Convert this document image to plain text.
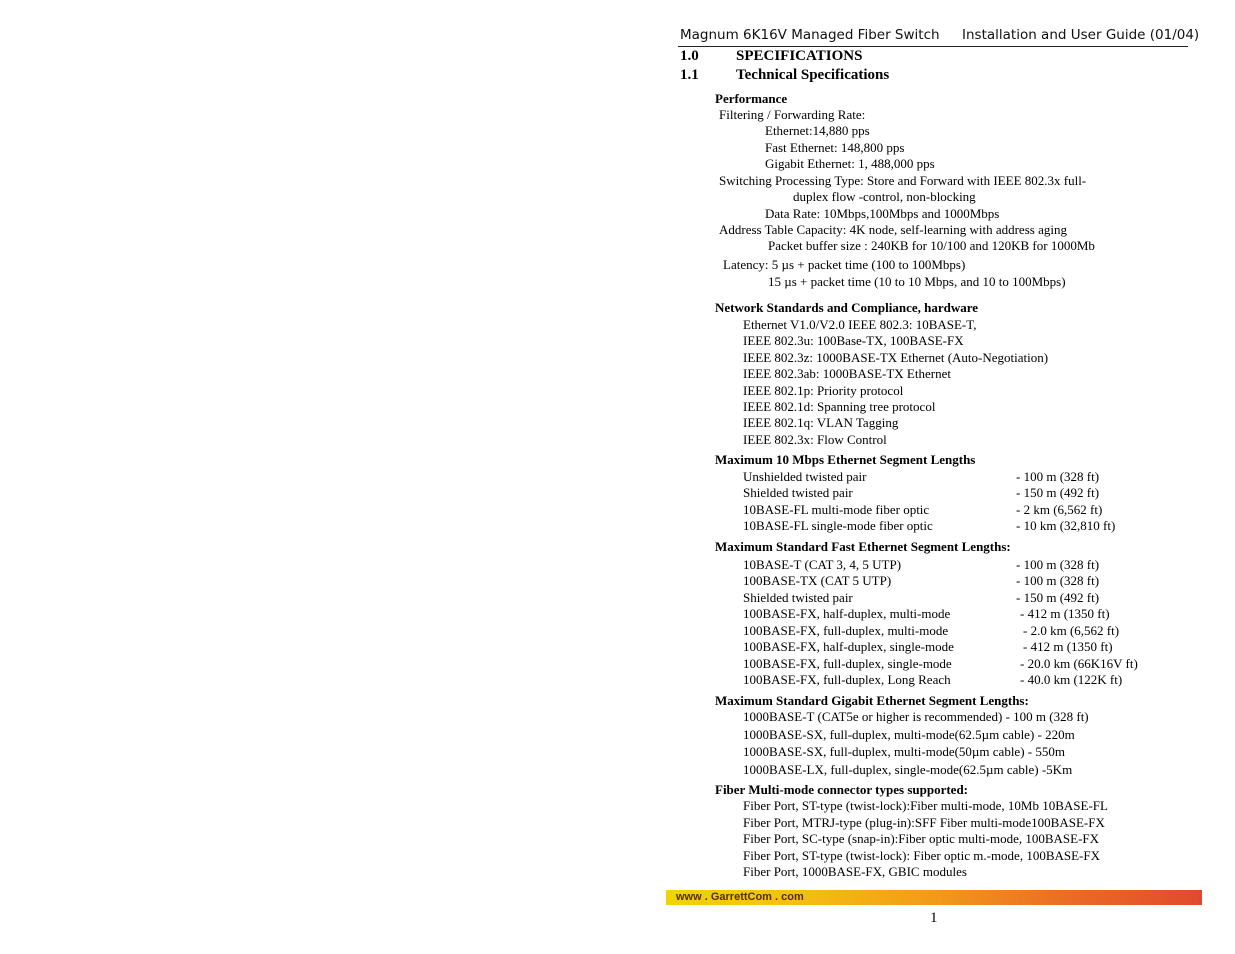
Magnum 6K16V Managed Fiber Switch Installation and User Guide (01/04)
1.0 SPECIFICATIONS
1.1 Technical Specifications
Performance
Filtering / Forwarding Rate:
Ethernet:14,880 pps
Fast Ethernet: 148,800 pps
Gigabit Ethernet: 1, 488,000 pps
Switching Processing Type: Store and Forward with IEEE 802.3x full-
duplex flow -control, non-blocking
Data Rate: 10Mbps,100Mbps and 1000Mbps
Address Table Capacity: 4K node, self-learning with address aging
Packet buffer size : 240KB for 10/100 and 120KB for 1000Mb
Latency: 5 µs + packet time (100 to 100Mbps)
15 µs + packet time (10 to 10 Mbps, and 10 to 100Mbps)
Network Standards and Compliance, hardware
Ethernet V1.0/V2.0 IEEE 802.3: 10BASE-T,
IEEE 802.3u: 100Base-TX, 100BASE-FX
IEEE 802.3z: 1000BASE-TX Ethernet (Auto-Negotiation)
IEEE 802.3ab: 1000BASE-TX Ethernet
IEEE 802.1p: Priority protocol
IEEE 802.1d: Spanning tree protocol
IEEE 802.1q: VLAN Tagging
IEEE 802.3x: Flow Control
Maximum 10 Mbps Ethernet Segment Lengths
Unshielded twisted pair	- 100 m (328 ft)
Shielded twisted pair	- 150 m (492 ft)
10BASE-FL multi-mode fiber optic	- 2 km (6,562 ft)
10BASE-FL single-mode fiber optic	- 10 km (32,810 ft)
Maximum Standard Fast Ethernet Segment Lengths:
10BASE-T (CAT 3, 4, 5 UTP)	- 100 m (328 ft)
100BASE-TX (CAT 5 UTP)	- 100 m (328 ft)
Shielded twisted pair	- 150 m (492 ft)
100BASE-FX, half-duplex, multi-mode	- 412 m (1350 ft)
100BASE-FX, full-duplex, multi-mode	- 2.0 km (6,562 ft)
100BASE-FX, half-duplex, single-mode	- 412 m (1350 ft)
100BASE-FX, full-duplex, single-mode	- 20.0 km (66K16V ft)
100BASE-FX, full-duplex, Long Reach	- 40.0 km (122K ft)
Maximum Standard Gigabit Ethernet Segment Lengths:
1000BASE-T (CAT5e or higher is recommended) - 100 m (328 ft)
1000BASE-SX, full-duplex, multi-mode(62.5µm cable) - 220m
1000BASE-SX, full-duplex, multi-mode(50µm cable) - 550m
1000BASE-LX, full-duplex, single-mode(62.5µm cable) -5Km
Fiber Multi-mode connector types supported:
Fiber Port, ST-type (twist-lock):Fiber multi-mode, 10Mb 10BASE-FL
Fiber Port, MTRJ-type (plug-in):SFF Fiber multi-mode100BASE-FX
Fiber Port, SC-type (snap-in):Fiber optic multi-mode, 100BASE-FX
Fiber Port, ST-type (twist-lock): Fiber optic m.-mode, 100BASE-FX
Fiber Port, 1000BASE-FX, GBIC modules
www . GarrettCom . com
1
